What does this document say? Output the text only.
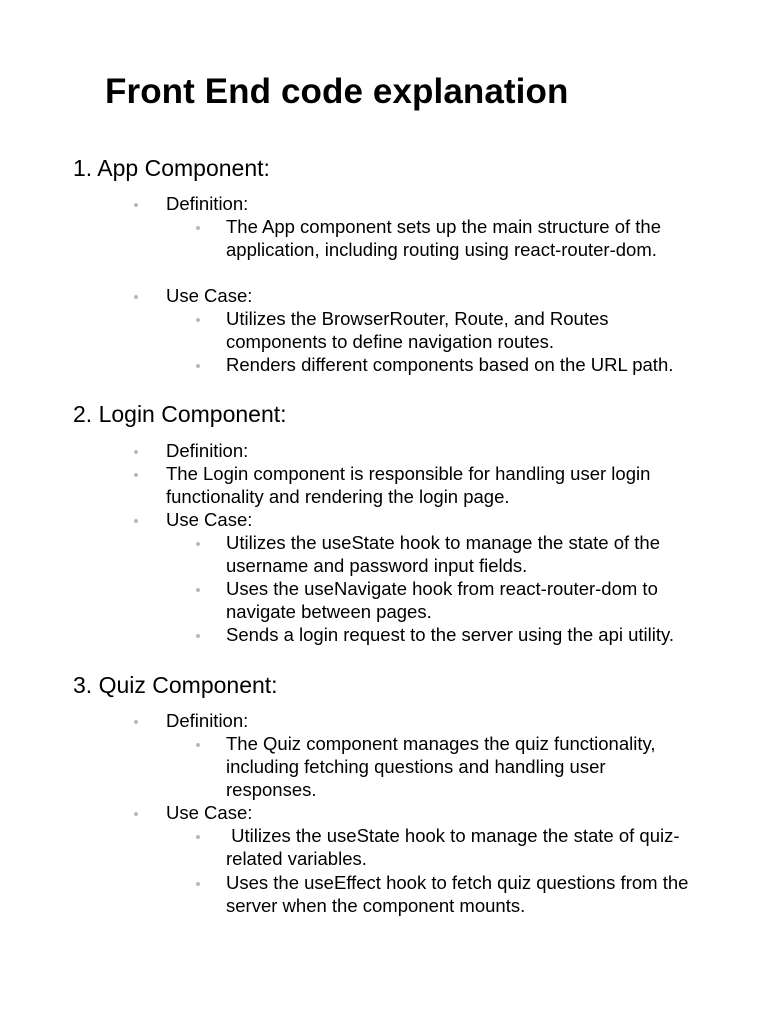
Front End code explanation
1. App Component:
Definition:
The App component sets up the main structure of the application, including routing using react-router-dom.
Use Case:
Utilizes the BrowserRouter, Route, and Routes components to define navigation routes.
Renders different components based on the URL path.
2. Login Component:
Definition:
The Login component is responsible for handling user login functionality and rendering the login page.
Use Case:
Utilizes the useState hook to manage the state of the username and password input fields.
Uses the useNavigate hook from react-router-dom to navigate between pages.
Sends a login request to the server using the api utility.
3. Quiz Component:
Definition:
The Quiz component manages the quiz functionality, including fetching questions and handling user responses.
Use Case:
Utilizes the useState hook to manage the state of quiz-related variables.
Uses the useEffect hook to fetch quiz questions from the server when the component mounts.
